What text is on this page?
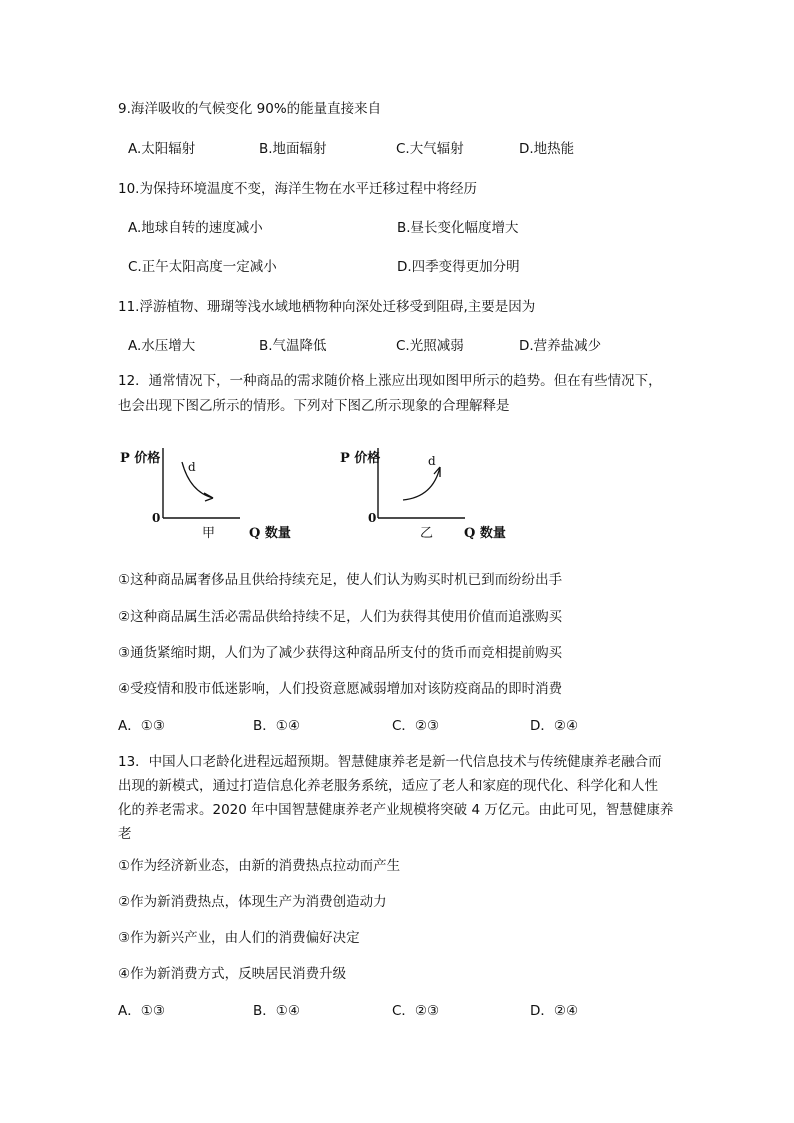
9.海洋吸收的气候变化 90%的能量直接来自
A.太阳辐射	B.地面辐射	C.大气辐射	D.地热能
10.为保持环境温度不变，海洋生物在水平迁移过程中将经历
A.地球自转的速度减小	B.昼长变化幅度增大
C.正午太阳高度一定减小	D.四季变得更加分明
11.浮游植物、珊瑚等浅水域地栖物种向深处迁移受到阻碍,主要是因为
A.水压增大	B.气温降低	C.光照减弱	D.营养盐减少
12．通常情况下，一种商品的需求随价格上涨应出现如图甲所示的趋势。但在有些情况下，
也会出现下图乙所示的情形。下列对下图乙所示现象的合理解释是
P 价格
d
0
甲	Q 数量
P 价格	d
0
乙 Q 数量
①这种商品属奢侈品且供给持续充足，使人们认为购买时机已到而纷纷出手
②这种商品属生活必需品供给持续不足，人们为获得其使用价值而追涨购买
③通货紧缩时期，人们为了减少获得这种商品所支付的货币而竞相提前购买
④受疫情和股市低迷影响，人们投资意愿减弱增加对该防疫商品的即时消费
A．①③	B．①④	C．②③	D．②④
13．中国人口老龄化进程远超预期。智慧健康养老是新一代信息技术与传统健康养老融合而
出现的新模式，通过打造信息化养老服务系统，适应了老人和家庭的现代化、科学化和人性
化的养老需求。2020 年中国智慧健康养老产业规模将突破 4 万亿元。由此可见，智慧健康养
老
①作为经济新业态，由新的消费热点拉动而产生
②作为新消费热点，体现生产为消费创造动力
③作为新兴产业，由人们的消费偏好决定
④作为新消费方式，反映居民消费升级
A．①③	B．①④	C．②③	D．②④
